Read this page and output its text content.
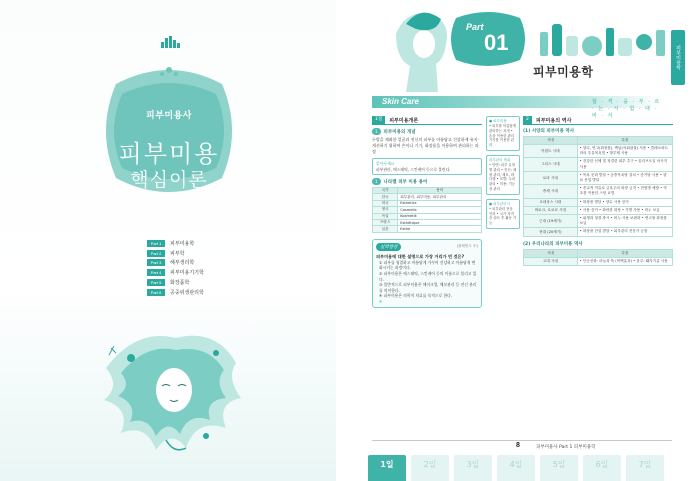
피부미용사
피부미용
핵심이론
Part 1	피부미용학
Part 2	피부학
Part 3	해부생리학
Part 4	피부미용기기학
Part 5	화장품학
Part 6	공중위생관리학
Part
01
피부미용학
피부미용학
Skin Care	합 · 격 · 을 · 부 · 르 · 는 · 시 · 험 · 대 · 비 · 서
1절	피부미용개론
1	피부미용의 개념
두발을 제외한 얼굴과 전신의 피부를 아름답고 건강하게 유지·개선하기 위하여 손이나 기기, 화장품을 이용하여 관리하는 과정
알아두세요
피부관리, 에스테틱, 스킨케어 등으로 불린다.
1	나라별 피부 미용 용어
국가	용어
한국	피부관리, 피부미용, 피부관리
미국	Esthetics
영국	Cosmetic
독일	Kosmetik
프랑스	Esthétique
일본	Esthe
실력향상	(출제빈도 中)
피부미용에 대한 설명으로 가장 거리가 먼 것은?
① 피부를 청결하고 아름답게 가꾸어 건강하고 아름답게 변화시키는 과정이다.
② 피부미용은 에스테틱, 스킨케어 등의 이름으로 불리고 있다.
③ 일반적으로 피부미용은 메이크업, 체모관리 등 전신 관리를 의미한다.
④ 피부미용은 의학적 치료를 목적으로 한다.
④
● 피부미용
• 피부를 아름답게 관리하는 과정 • 손을 이용한 관리 기기를 이용한 관리
피부관리 범위
• 안면: 피부 유형별 관리 • 전신: 체형 관리, 제모, 바디랩 • 모발: 두피 관리 • 미용: 기능성 관리
● 피부관리사
• 피부관리 전문 인력 • 국가 자격증 취득 후 활동 가능
2	피부미용의 역사
(1) 서양의 피부미용 역사
시대	특징
이집트 시대	• 향수, 연고(화장품), 백납(석회광물) 사용 • 클레오파트라의 우유목욕법 • 방부제 사용
그리스 시대	• 건강한 신체 및 청결한 피부 추구 • 올리브오일 마사지 사용
로마 시대	• 목욕 문화 발달 • 공중목욕탕 설치 • 증기탕 사용 • 향료 산업 발달
중세 시대	• 종교적 이유로 금욕주의 화장 금지 • 전염병 예방 • 약초를 이용한 스팀 요법
르네상스 시대	• 화장품 발달 • 향수 사용 증가
바로크, 로코코 시대	• 사용 증가 • 화려한 화장 • 가발 사용 • 비누 보급
근대 (19세기)	• 위생과 청결 중시 • 비누 사용 보편화 • 연고형 화장품 보급
현대 (20세기)	• 화장품 산업 발달 • 피부관리 전문가 등장
(2) 우리나라의 피부미용 역사
시대	특징
고대 시대	• 단군신화: 마늘과 쑥 (미백효과) • 읍루: 돼지기름 사용
8	피부미용사 Part 1 피부미용학
1일	2일	3일	4일	5일	6일	7일
